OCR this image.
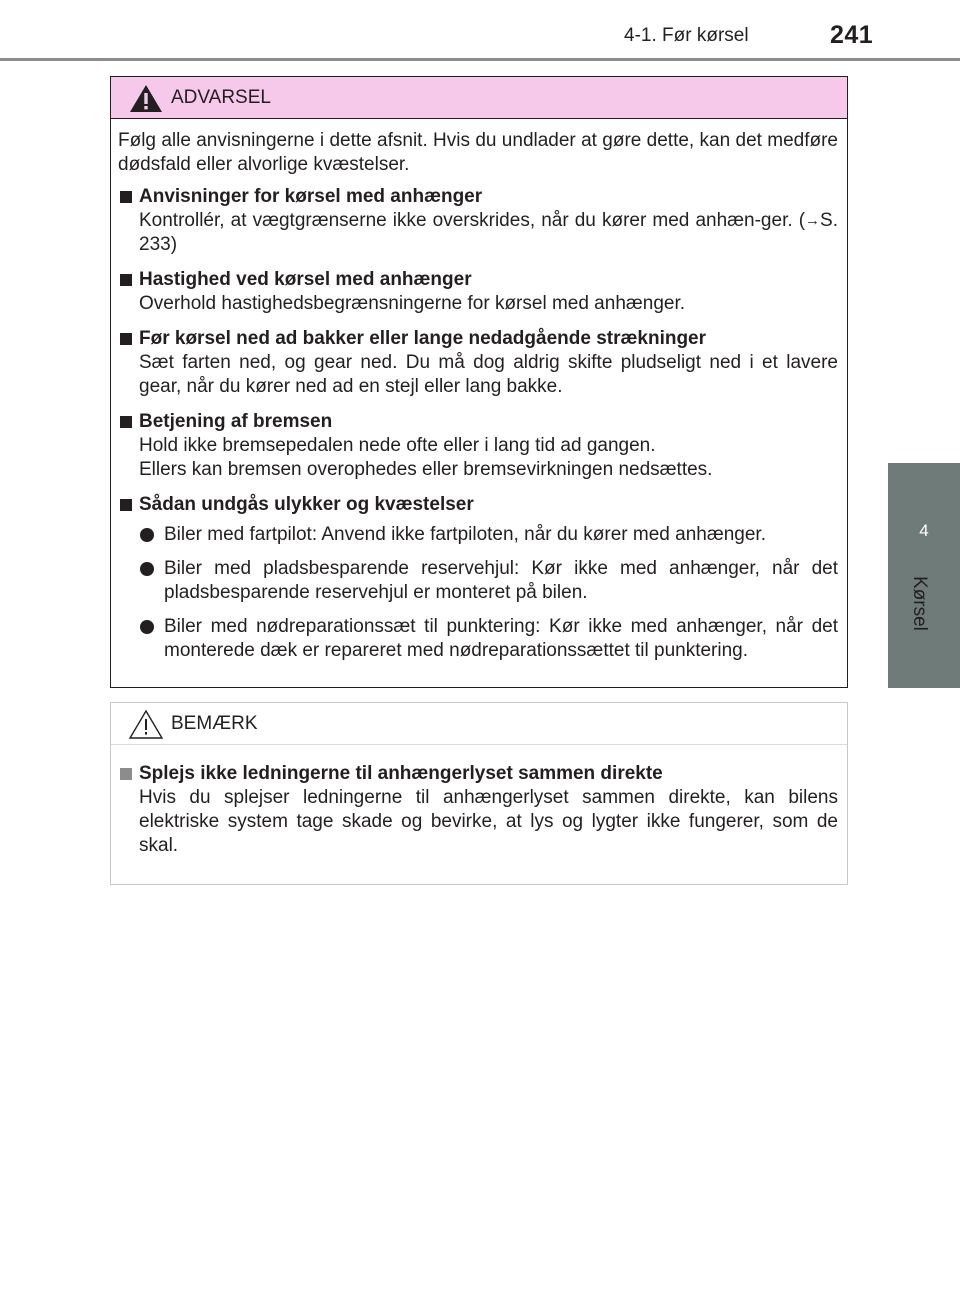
4-1. Før kørsel	241
4
Kørsel
ADVARSEL

Følg alle anvisningerne i dette afsnit. Hvis du undlader at gøre dette, kan det medføre dødsfald eller alvorlige kvæstelser.

Anvisninger for kørsel med anhænger

Kontrollér, at vægtgrænserne ikke overskrides, når du kører med anhæn-ger. (→S. 233)

Hastighed ved kørsel med anhænger

Overhold hastighedsbegrænsningerne for kørsel med anhænger.

Før kørsel ned ad bakker eller lange nedadgående strækninger

Sæt farten ned, og gear ned. Du må dog aldrig skifte pludseligt ned i et lavere gear, når du kører ned ad en stejl eller lang bakke.

Betjening af bremsen

Hold ikke bremsepedalen nede ofte eller i lang tid ad gangen.
Ellers kan bremsen overophedes eller bremsevirkningen nedsættes.

Sådan undgås ulykker og kvæstelser

Biler med fartpilot: Anvend ikke fartpiloten, når du kører med anhænger.

Biler med pladsbesparende reservehjul: Kør ikke med anhænger, når det pladsbesparende reservehjul er monteret på bilen.

Biler med nødreparationssæt til punktering: Kør ikke med anhænger, når det monterede dæk er repareret med nødreparationssættet til punktering.

BEMÆRK
Splejs ikke ledningerne til anhængerlyset sammen direkte

Hvis du splejser ledningerne til anhængerlyset sammen direkte, kan bilens elektriske system tage skade og bevirke, at lys og lygter ikke fungerer, som de skal.
